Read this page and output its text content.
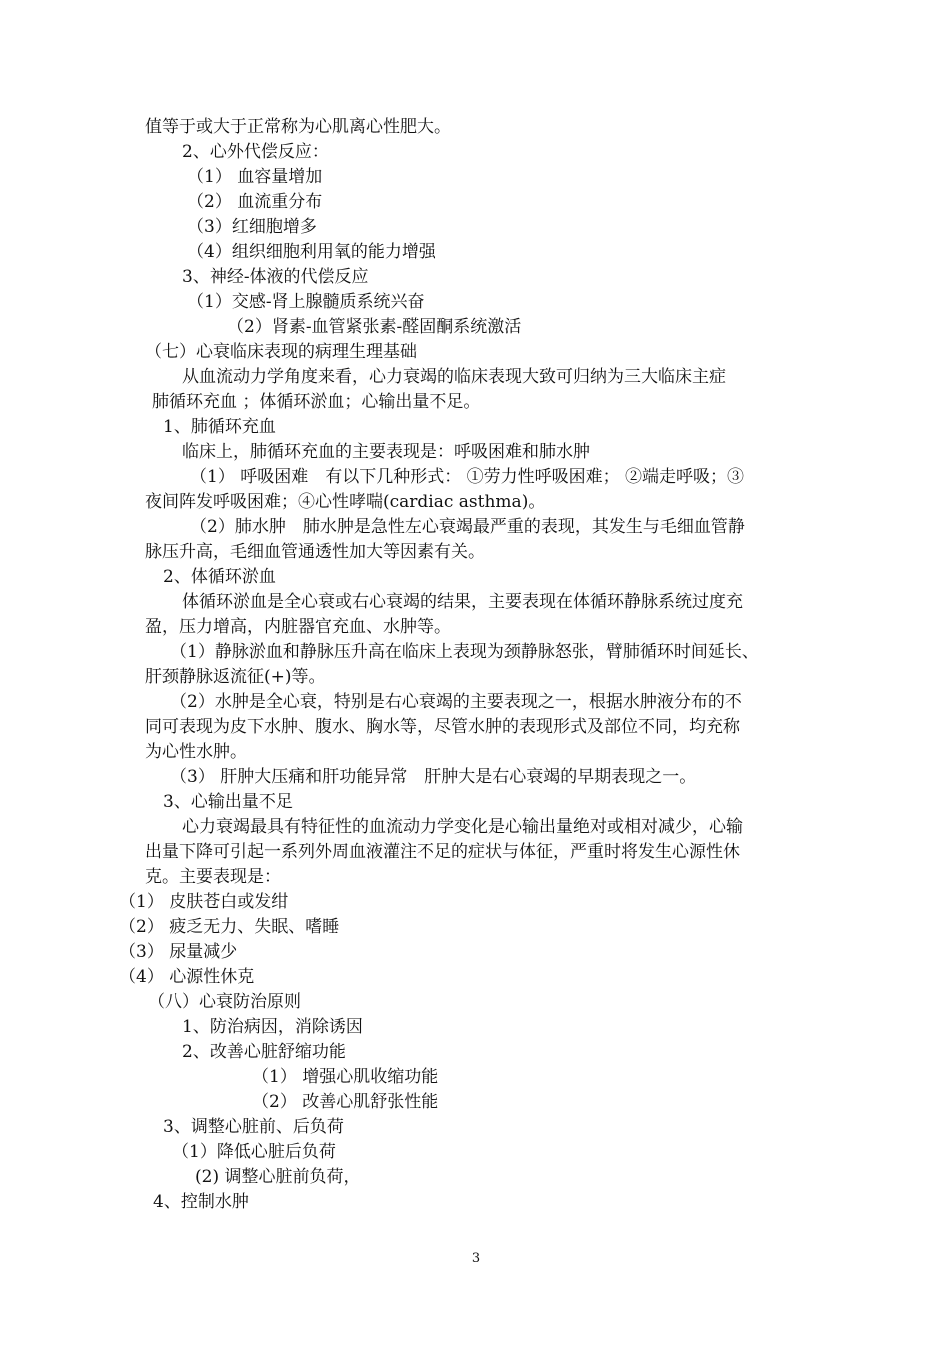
值等于或大于正常称为心肌离心性肥大。
2、心外代偿反应：
（1） 血容量增加
（2） 血流重分布
（3）红细胞增多
（4）组织细胞利用氧的能力增强
3、神经-体液的代偿反应
（1）交感-肾上腺髓质系统兴奋
（2）肾素-血管紧张素-醛固酮系统激活
（七）心衰临床表现的病理生理基础
从血流动力学角度来看，心力衰竭的临床表现大致可归纳为三大临床主症
肺循环充血 ；体循环淤血；心输出量不足。
1、肺循环充血
临床上，肺循环充血的主要表现是：呼吸困难和肺水肿
（1） 呼吸困难　有以下几种形式： ①劳力性呼吸困难； ②端走呼吸；③
夜间阵发呼吸困难；④心性哮喘(cardiac asthma)。
（2）肺水肿　肺水肿是急性左心衰竭最严重的表现，其发生与毛细血管静
脉压升高，毛细血管通透性加大等因素有关。
2、体循环淤血
体循环淤血是全心衰或右心衰竭的结果，主要表现在体循环静脉系统过度充
盈，压力增高，内脏器官充血、水肿等。
（1）静脉淤血和静脉压升高在临床上表现为颈静脉怒张，臂肺循环时间延长、
肝颈静脉返流征(+)等。
（2）水肿是全心衰，特别是右心衰竭的主要表现之一，根据水肿液分布的不
同可表现为皮下水肿、腹水、胸水等，尽管水肿的表现形式及部位不同，均充称
为心性水肿。
（3） 肝肿大压痛和肝功能异常　肝肿大是右心衰竭的早期表现之一。
3、心输出量不足
心力衰竭最具有特征性的血流动力学变化是心输出量绝对或相对减少，心输
出量下降可引起一系列外周血液灌注不足的症状与体征，严重时将发生心源性休
克。主要表现是：
（1） 皮肤苍白或发绀
（2） 疲乏无力、失眠、嗜睡
（3） 尿量减少
（4） 心源性休克
（八）心衰防治原则
1、防治病因，消除诱因
2、改善心脏舒缩功能
（1） 增强心肌收缩功能
（2） 改善心肌舒张性能
3、调整心脏前、后负荷
（1）降低心脏后负荷
(2) 调整心脏前负荷，
4、控制水肿
3
